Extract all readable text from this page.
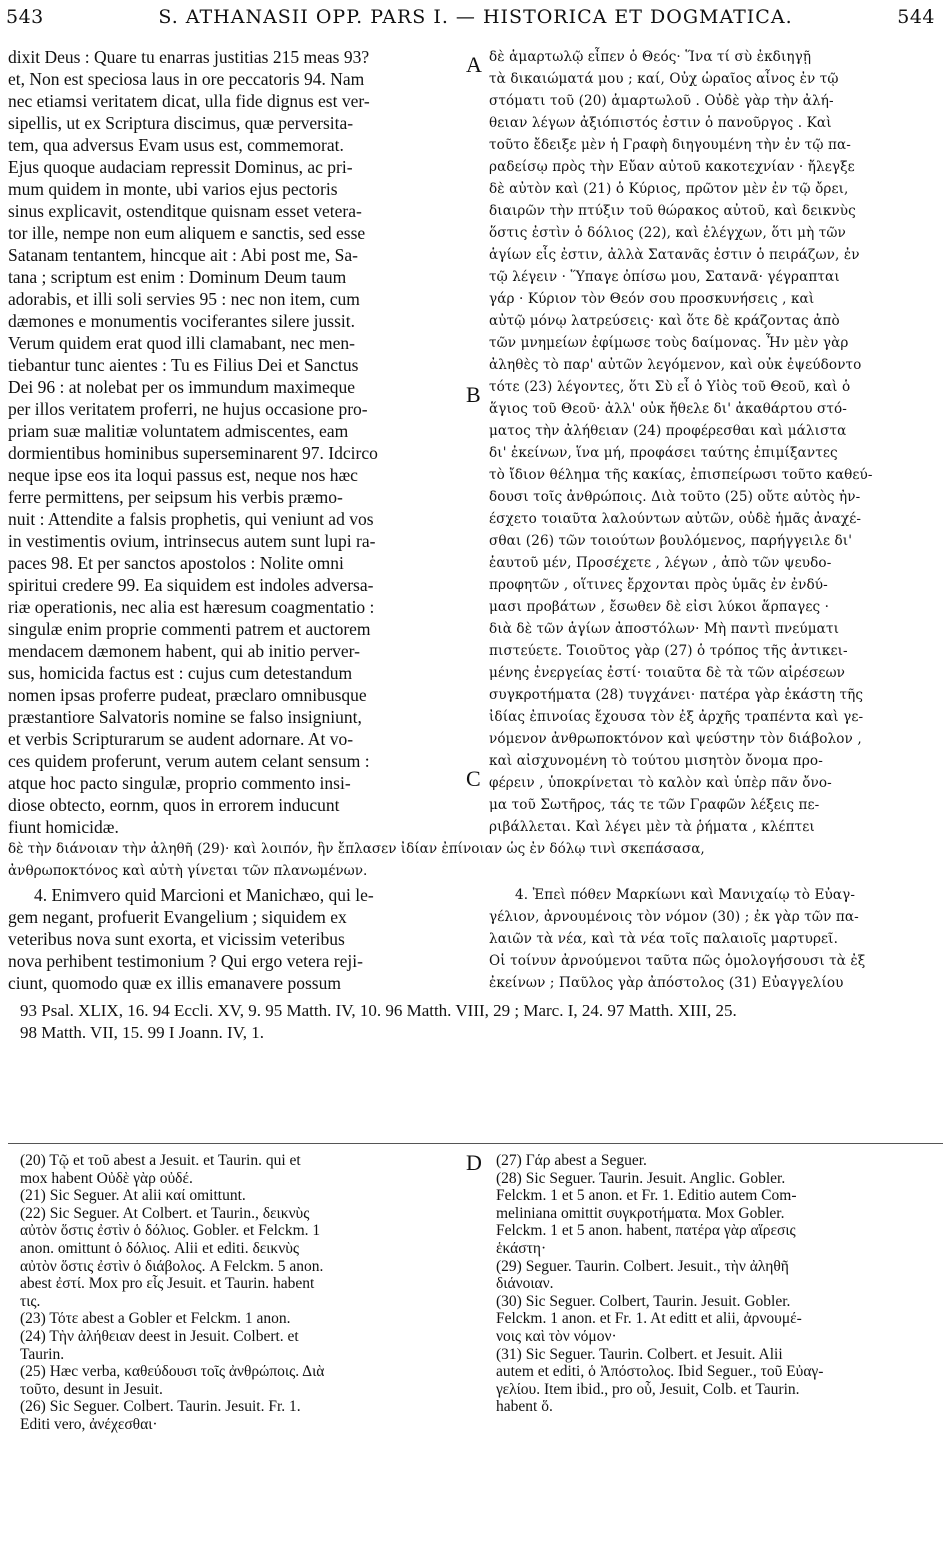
543	S. ATHANASII OPP. PARS I. — HISTORICA ET DOGMATICA.	544
A
B
C
D
dixit Deus : Quare tu enarras justitias 215 meas 93?
et, Non est speciosa laus in ore peccatoris 94. Nam
nec etiamsi veritatem dicat, ulla fide dignus est ver-
sipellis, ut ex Scriptura discimus, quæ perversita-
tem, qua adversus Evam usus est, commemorat.
Ejus quoque audaciam repressit Dominus, ac pri-
mum quidem in monte, ubi varios ejus pectoris
sinus explicavit, ostenditque quisnam esset vetera-
tor ille, nempe non eum aliquem e sanctis, sed esse
Satanam tentantem, hincque ait : Abi post me, Sa-
tana ; scriptum est enim : Dominum Deum taum
adorabis, et illi soli servies 95 : nec non item, cum
dæmones e monumentis vociferantes silere jussit.
Verum quidem erat quod illi clamabant, nec men-
tiebantur tunc aientes : Tu es Filius Dei et Sanctus
Dei 96 : at nolebat per os immundum maximeque
per illos veritatem proferri, ne hujus occasione pro-
priam suæ malitiæ voluntatem admiscentes, eam
dormientibus hominibus superseminarent 97. Idcirco
neque ipse eos ita loqui passus est, neque nos hæc
ferre permittens, per seipsum his verbis præmo-
nuit : Attendite a falsis prophetis, qui veniunt ad vos
in vestimentis ovium, intrinsecus autem sunt lupi ra-
paces 98. Et per sanctos apostolos : Nolite omni
spiritui credere 99. Ea siquidem est indoles adversa-
riæ operationis, nec alia est hæresum coagmentatio :
singulæ enim proprie commenti patrem et auctorem
mendacem dæmonem habent, qui ab initio perver-
sus, homicida factus est : cujus cum detestandum
nomen ipsas proferre pudeat, præclaro omnibusque
præstantiore Salvatoris nomine se falso insigniunt,
et verbis Scripturarum se audent adornare. At vo-
ces quidem proferunt, verum autem celant sensum :
atque hoc pacto singulæ, proprio commento insi-
diose obtecto, eornm, quos in errorem inducunt
fiunt homicidæ.
δὲ ἁμαρτωλῷ εἶπεν ὁ Θεός· Ἵνα τί σὺ ἐκδιηγῇ
τὰ δικαιώματά μου ; καί, Οὐχ ὡραῖος αἶνος ἐν τῷ
στόματι τοῦ (20) ἁμαρτωλοῦ . Οὐδὲ γὰρ τὴν ἀλή-
θειαν λέγων ἀξιόπιστός ἐστιν ὁ πανοῦργος . Καὶ
τοῦτο ἔδειξε μὲν ἡ Γραφὴ διηγουμένη τὴν ἐν τῷ πα-
ραδείσῳ πρὸς τὴν Εὔαν αὐτοῦ κακοτεχνίαν · ἤλεγξε
δὲ αὐτὸν καὶ (21) ὁ Κύριος, πρῶτον μὲν ἐν τῷ ὄρει,
διαιρῶν τὴν πτύξιν τοῦ θώρακος αὐτοῦ, καὶ δεικνὺς
ὅστις ἐστὶν ὁ δόλιος (22), καὶ ἐλέγχων, ὅτι μὴ τῶν
ἁγίων εἷς ἐστιν, ἀλλὰ Σατανᾶς ἐστιν ὁ πειράζων, ἐν
τῷ λέγειν · Ὕπαγε ὀπίσω μου, Σατανᾶ· γέγραπται
γάρ · Κύριον τὸν Θεόν σου προσκυνήσεις , καὶ
αὐτῷ μόνῳ λατρεύσεις· καὶ ὅτε δὲ κράζοντας ἀπὸ
τῶν μνημείων ἐφίμωσε τοὺς δαίμονας. Ἦν μὲν γὰρ
ἀληθὲς τὸ παρ' αὐτῶν λεγόμενον, καὶ οὐκ ἐψεύδοντο
τότε (23) λέγοντες, ὅτι Σὺ εἶ ὁ Υἱὸς τοῦ Θεοῦ, καὶ ὁ
ἅγιος τοῦ Θεοῦ· ἀλλ' οὐκ ἤθελε δι' ἀκαθάρτου στό-
ματος τὴν ἀλήθειαν (24) προφέρεσθαι καὶ μάλιστα
δι' ἐκείνων, ἵνα μή, προφάσει ταύτης ἐπιμίξαντες
τὸ ἴδιον θέλημα τῆς κακίας, ἐπισπείρωσι τοῦτο καθεύ-
δουσι τοῖς ἀνθρώποις. Διὰ τοῦτο (25) οὔτε αὐτὸς ἠν-
έσχετο τοιαῦτα λαλούντων αὐτῶν, οὐδὲ ἡμᾶς ἀναχέ-
σθαι (26) τῶν τοιούτων βουλόμενος, παρήγγειλε δι'
ἑαυτοῦ μέν, Προσέχετε , λέγων , ἀπὸ τῶν ψευδο-
προφητῶν , οἵτινες ἔρχονται πρὸς ὑμᾶς ἐν ἐνδύ-
μασι προβάτων , ἔσωθεν δὲ εἰσι λύκοι ἅρπαγες ·
διὰ δὲ τῶν ἁγίων ἀποστόλων· Μὴ παντὶ πνεύματι
πιστεύετε. Τοιοῦτος γὰρ (27) ὁ τρόπος τῆς ἀντικει-
μένης ἐνεργείας ἐστί· τοιαῦτα δὲ τὰ τῶν αἱρέσεων
συγκροτήματα (28) τυγχάνει· πατέρα γὰρ ἑκάστη τῆς
ἰδίας ἐπινοίας ἔχουσα τὸν ἐξ ἀρχῆς τραπέντα καὶ γε-
νόμενον ἀνθρωποκτόνον καὶ ψεύστην τὸν διάβολον ,
καὶ αἰσχυνομένη τὸ τούτου μισητὸν ὄνομα προ-
φέρειν , ὑποκρίνεται τὸ καλὸν καὶ ὑπὲρ πᾶν ὄνο-
μα τοῦ Σωτῆρος, τάς τε τῶν Γραφῶν λέξεις πε-
ριβάλλεται. Καὶ λέγει μὲν τὰ ῥήματα , κλέπτει
δὲ τὴν διάνοιαν τὴν ἀληθῆ (29)· καὶ λοιπόν, ἣν ἔπλασεν ἰδίαν ἐπίνοιαν ὡς ἐν δόλῳ τινὶ σκεπάσασα,
ἀνθρωποκτόνος καὶ αὐτὴ γίνεται τῶν πλανωμένων.
4. Enimvero quid Marcioni et Manichæo, qui le-
gem negant, profuerit Evangelium ; siquidem ex
veteribus nova sunt exorta, et vicissim veteribus
nova perhibent testimonium ? Qui ergo vetera reji-
ciunt, quomodo quæ ex illis emanavere possum
4. Ἐπεὶ πόθεν Μαρκίωνι καὶ Μανιχαίῳ τὸ Εὐαγ-
γέλιον, ἀρνουμένοις τὸν νόμον (30) ; ἐκ γὰρ τῶν πα-
λαιῶν τὰ νέα, καὶ τὰ νέα τοῖς παλαιοῖς μαρτυρεῖ.
Οἱ τοίνυν ἀρνούμενοι ταῦτα πῶς ὁμολογήσουσι τὰ ἐξ
ἐκείνων ; Παῦλος γὰρ ἀπόστολος (31) Εὐαγγελίου
93 Psal. XLIX, 16. 94 Eccli. XV, 9. 95 Matth. IV, 10. 96 Matth. VIII, 29 ; Marc. I, 24. 97 Matth. XIII, 25.
98 Matth. VII, 15. 99 I Joann. IV, 1.
(20) Τῷ et τοῦ abest a Jesuit. et Taurin. qui et
mox habent Οὐδὲ γὰρ οὐδέ.
(21) Sic Seguer. At alii καί omittunt.
(22) Sic Seguer. At Colbert. et Taurin., δεικνὺς
αὐτὸν ὅστις ἐστὶν ὁ δόλιος. Gobler. et Felckm. 1
anon. omittunt ὁ δόλιος. Alii et editi. δεικνὺς
αὐτὸν ὅστις ἐστὶν ὁ διάβολος. A Felckm. 5 anon.
abest ἐστί. Mox pro εἷς Jesuit. et Taurin. habent
τις.
(23) Τότε abest a Gobler et Felckm. 1 anon.
(24) Τὴν ἀλήθειαν deest in Jesuit. Colbert. et
Taurin.
(25) Hæc verba, καθεύδουσι τοῖς ἀνθρώποις. Διὰ
τοῦτο, desunt in Jesuit.
(26) Sic Seguer. Colbert. Taurin. Jesuit. Fr. 1.
Editi vero, ἀνέχεσθαι·
(27) Γάρ abest a Seguer.
(28) Sic Seguer. Taurin. Jesuit. Anglic. Gobler.
Felckm. 1 et 5 anon. et Fr. 1. Editio autem Com-
meliniana omittit συγκροτήματα. Mox Gobler.
Felckm. 1 et 5 anon. habent, πατέρα γὰρ αἵρεσις
ἑκάστη·
(29) Seguer. Taurin. Colbert. Jesuit., τὴν ἀληθῆ
διάνοιαν.
(30) Sic Seguer. Colbert, Taurin. Jesuit. Gobler.
Felckm. 1 anon. et Fr. 1. At editt et alii, ἀρνουμέ-
νοις καὶ τὸν νόμον·
(31) Sic Seguer. Taurin. Colbert. et Jesuit. Alii
autem et editi, ὁ Ἀπόστολος. Ibid Seguer., τοῦ Εὐαγ-
γελίου. Item ibid., pro οὗ, Jesuit, Colb. et Taurin.
habent ὅ.
